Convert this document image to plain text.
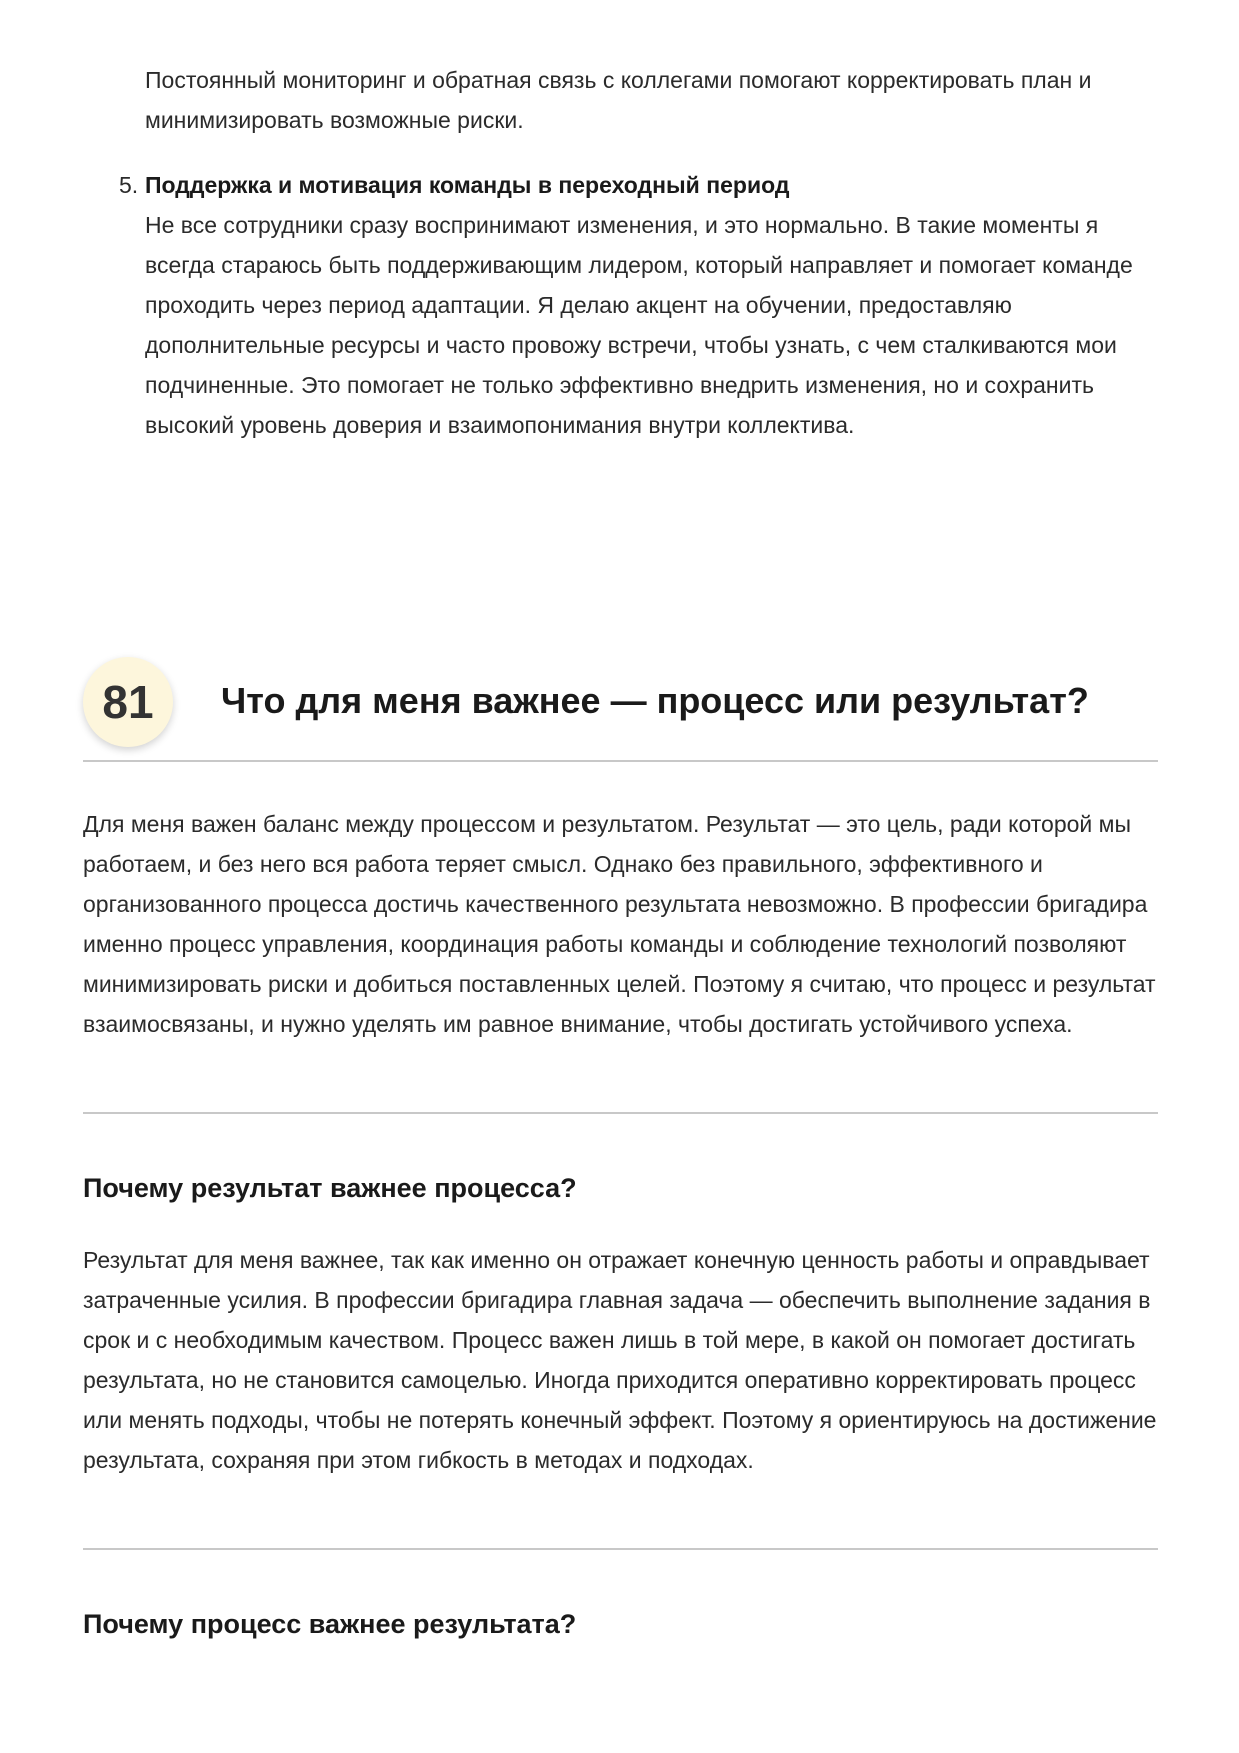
Постоянный мониторинг и обратная связь с коллегами помогают корректировать план и минимизировать возможные риски.

5. Поддержка и мотивация команды в переходный период

Не все сотрудники сразу воспринимают изменения, и это нормально. В такие моменты я всегда стараюсь быть поддерживающим лидером, который направляет и помогает команде проходить через период адаптации. Я делаю акцент на обучении, предоставляю дополнительные ресурсы и часто провожу встречи, чтобы узнать, с чем сталкиваются мои подчиненные. Это помогает не только эффективно внедрить изменения, но и сохранить высокий уровень доверия и взаимопонимания внутри коллектива.

81	Что для меня важнее — процесс или результат?

Для меня важен баланс между процессом и результатом. Результат — это цель, ради которой мы работаем, и без него вся работа теряет смысл. Однако без правильного, эффективного и организованного процесса достичь качественного результата невозможно. В профессии бригадира именно процесс управления, координация работы команды и соблюдение технологий позволяют минимизировать риски и добиться поставленных целей. Поэтому я считаю, что процесс и результат взаимосвязаны, и нужно уделять им равное внимание, чтобы достигать устойчивого успеха.

Почему результат важнее процесса?

Результат для меня важнее, так как именно он отражает конечную ценность работы и оправдывает затраченные усилия. В профессии бригадира главная задача — обеспечить выполнение задания в срок и с необходимым качеством. Процесс важен лишь в той мере, в какой он помогает достигать результата, но не становится самоцелью. Иногда приходится оперативно корректировать процесс или менять подходы, чтобы не потерять конечный эффект. Поэтому я ориентируюсь на достижение результата, сохраняя при этом гибкость в методах и подходах.

Почему процесс важнее результата?
